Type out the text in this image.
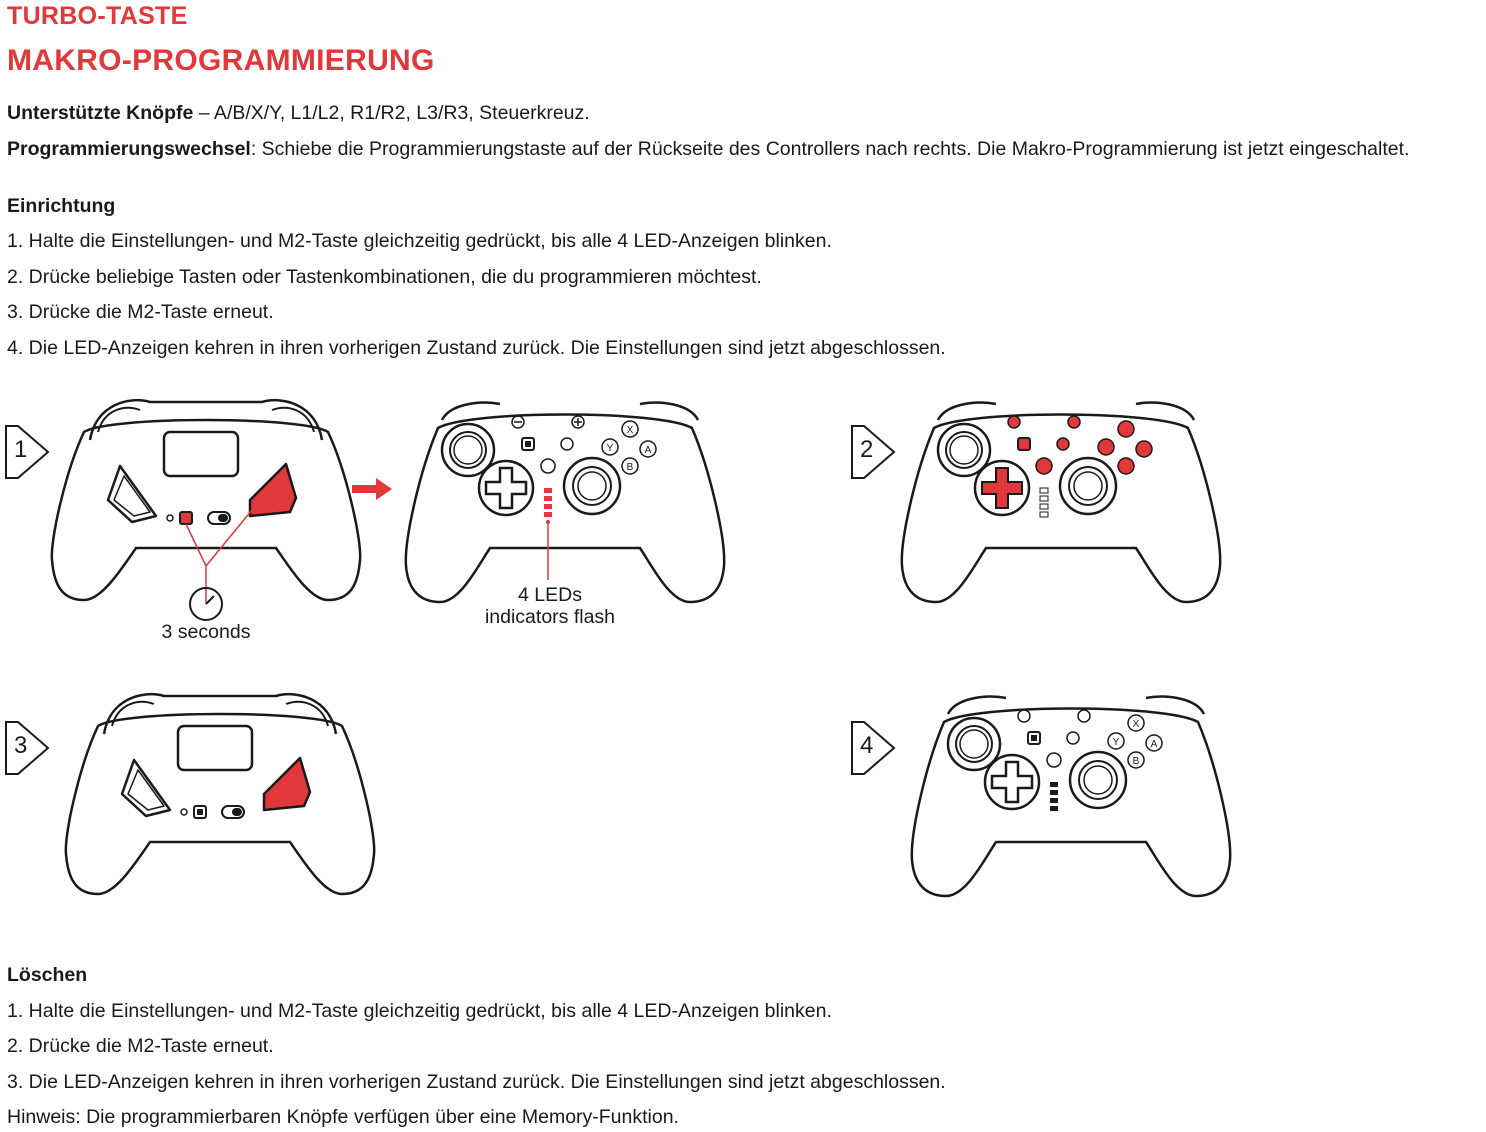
TURBO-TASTE
MAKRO-PROGRAMMIERUNG
Unterstützte Knöpfe – A/B/X/Y, L1/L2, R1/R2, L3/R3, Steuerkreuz.
Programmierungswechsel: Schiebe die Programmierungstaste auf der Rückseite des Controllers nach rechts. Die Makro-Programmierung ist jetzt eingeschaltet.
Einrichtung
1. Halte die Einstellungen- und M2-Taste gleichzeitig gedrückt, bis alle 4 LED-Anzeigen blinken.
2. Drücke beliebige Tasten oder Tastenkombinationen, die du programmieren möchtest.
3. Drücke die M2-Taste erneut.
4. Die LED-Anzeigen kehren in ihren vorherigen Zustand zurück. Die Einstellungen sind jetzt abgeschlossen.
X
Y	A
B
X
Y	A
B
1	2
3	4
3 seconds
4 LEDs
indicators flash
Löschen
1. Halte die Einstellungen- und M2-Taste gleichzeitig gedrückt, bis alle 4 LED-Anzeigen blinken.
2. Drücke die M2-Taste erneut.
3. Die LED-Anzeigen kehren in ihren vorherigen Zustand zurück. Die Einstellungen sind jetzt abgeschlossen.
Hinweis: Die programmierbaren Knöpfe verfügen über eine Memory-Funktion.
